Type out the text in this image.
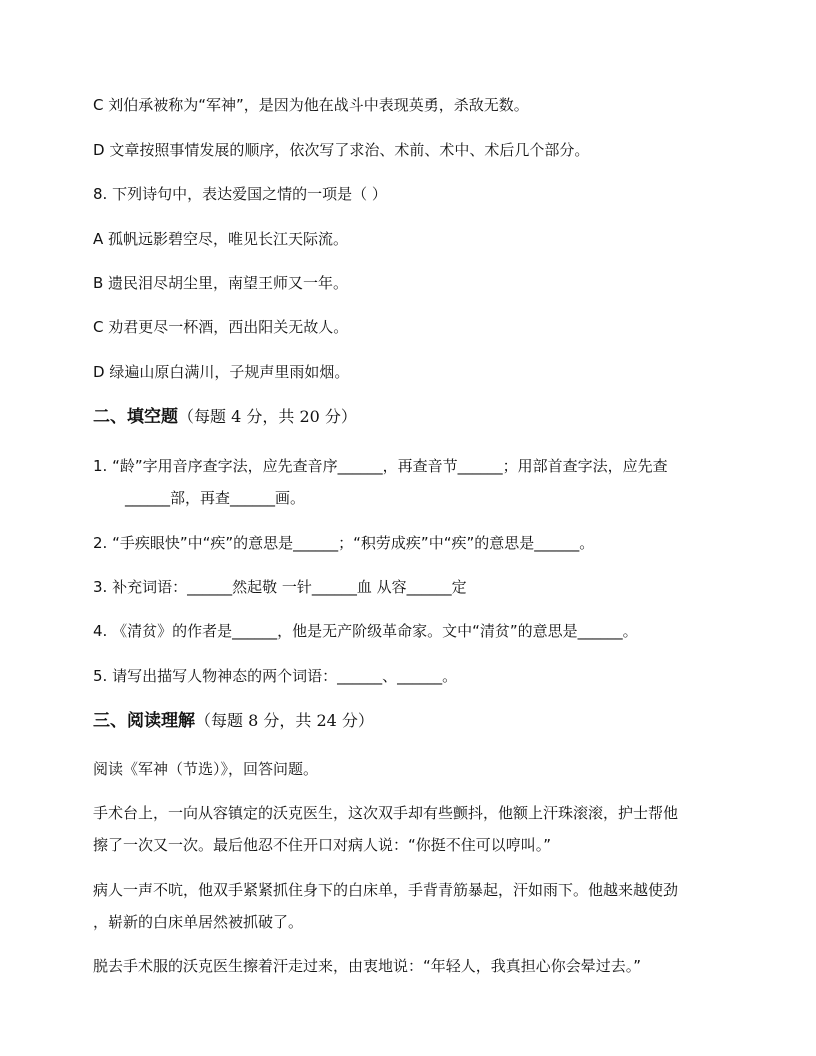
C 刘伯承被称为“军神”，是因为他在战斗中表现英勇，杀敌无数。
D 文章按照事情发展的顺序，依次写了求治、术前、术中、术后几个部分。
8. 下列诗句中，表达爱国之情的一项是（ ）
A 孤帆远影碧空尽，唯见长江天际流。
B 遗民泪尽胡尘里，南望王师又一年。
C 劝君更尽一杯酒，西出阳关无故人。
D 绿遍山原白满川，子规声里雨如烟。
二、填空题（每题 4 分，共 20 分）
1. “龄”字用音序查字法，应先查音序______，再查音节______；用部首查字法，应先查
______部，再查______画。
2. “手疾眼快”中“疾”的意思是______；“积劳成疾”中“疾”的意思是______。
3. 补充词语：______然起敬 一针______血 从容______定
4. 《清贫》的作者是______，他是无产阶级革命家。文中“清贫”的意思是______。
5. 请写出描写人物神态的两个词语：______、______。
三、阅读理解（每题 8 分，共 24 分）
阅读《军神（节选）》，回答问题。
手术台上，一向从容镇定的沃克医生，这次双手却有些颤抖，他额上汗珠滚滚，护士帮他
擦了一次又一次。最后他忍不住开口对病人说：“你挺不住可以哼叫。”
病人一声不吭，他双手紧紧抓住身下的白床单，手背青筋暴起，汗如雨下。他越来越使劲
，崭新的白床单居然被抓破了。
脱去手术服的沃克医生擦着汗走过来，由衷地说：“年轻人，我真担心你会晕过去。”
